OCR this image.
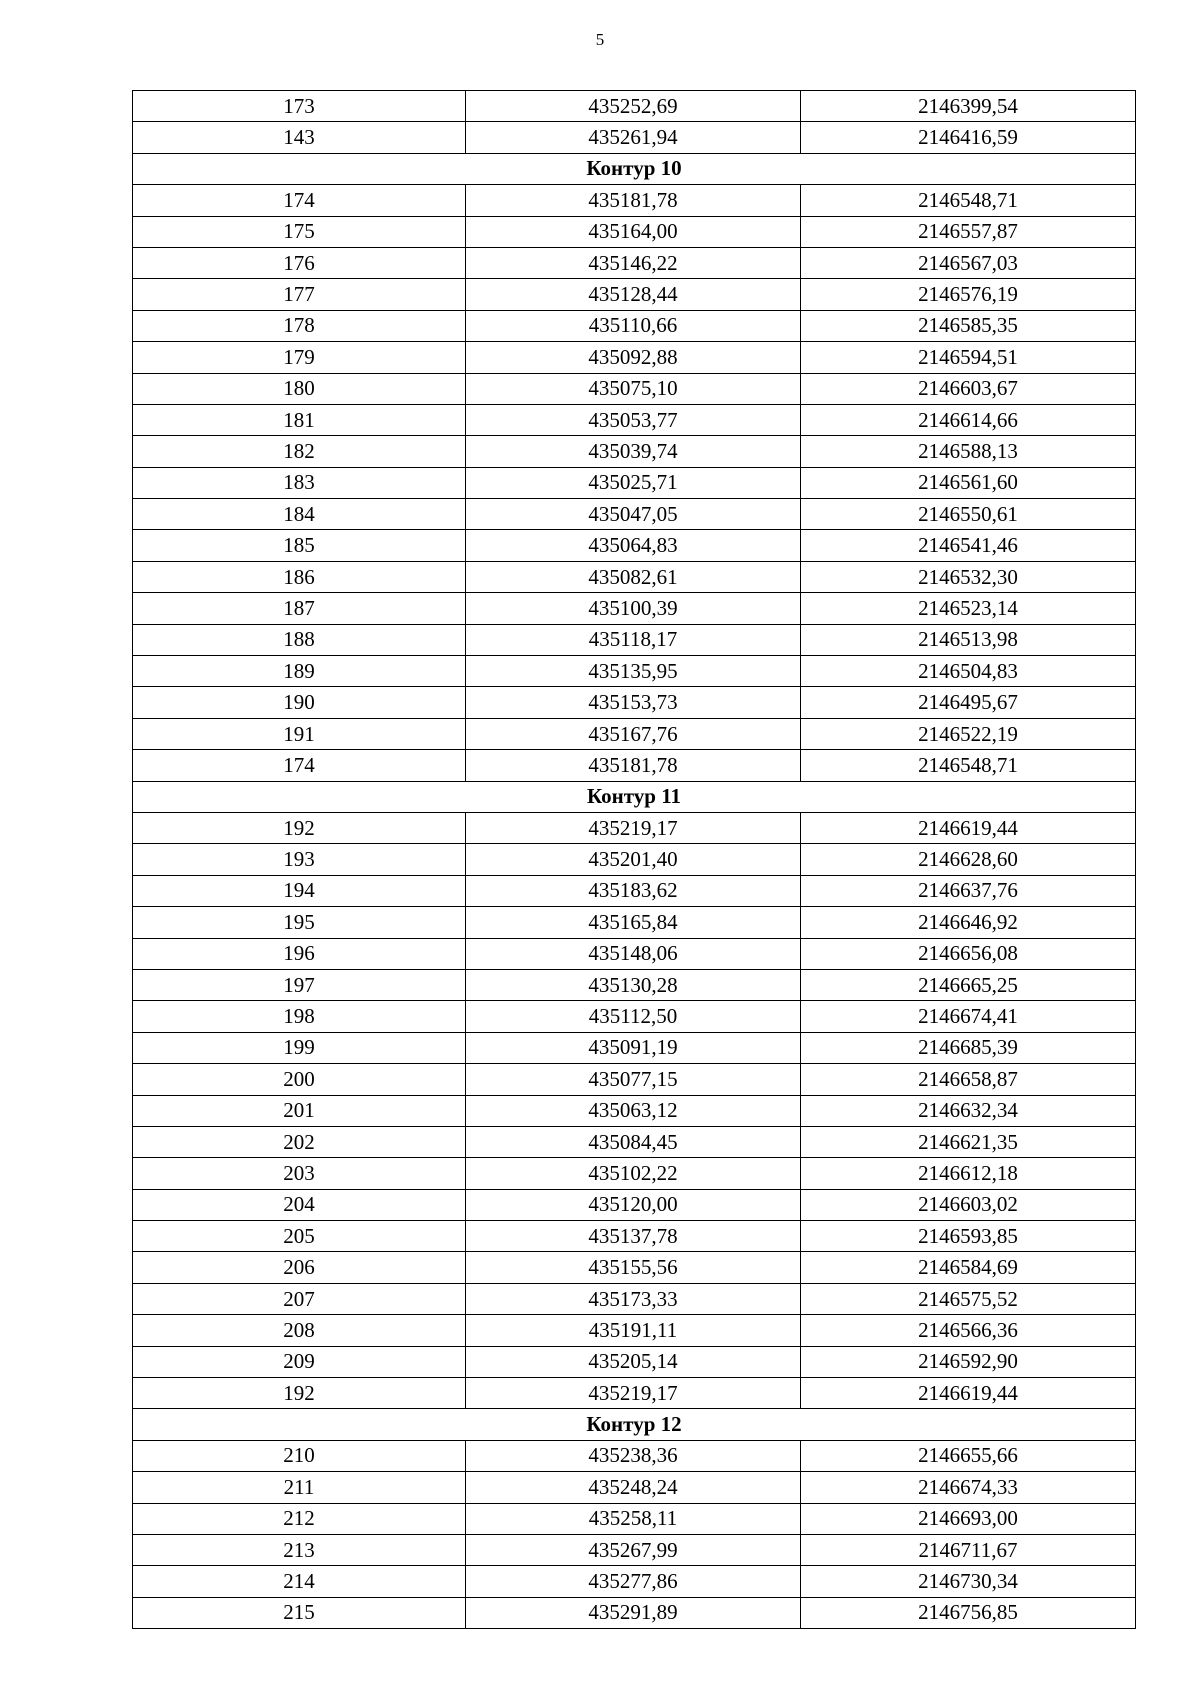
5
173	435252,69	2146399,54
143	435261,94	2146416,59
Контур 10		
174	435181,78	2146548,71
175	435164,00	2146557,87
176	435146,22	2146567,03
177	435128,44	2146576,19
178	435110,66	2146585,35
179	435092,88	2146594,51
180	435075,10	2146603,67
181	435053,77	2146614,66
182	435039,74	2146588,13
183	435025,71	2146561,60
184	435047,05	2146550,61
185	435064,83	2146541,46
186	435082,61	2146532,30
187	435100,39	2146523,14
188	435118,17	2146513,98
189	435135,95	2146504,83
190	435153,73	2146495,67
191	435167,76	2146522,19
174	435181,78	2146548,71
Контур 11		
192	435219,17	2146619,44
193	435201,40	2146628,60
194	435183,62	2146637,76
195	435165,84	2146646,92
196	435148,06	2146656,08
197	435130,28	2146665,25
198	435112,50	2146674,41
199	435091,19	2146685,39
200	435077,15	2146658,87
201	435063,12	2146632,34
202	435084,45	2146621,35
203	435102,22	2146612,18
204	435120,00	2146603,02
205	435137,78	2146593,85
206	435155,56	2146584,69
207	435173,33	2146575,52
208	435191,11	2146566,36
209	435205,14	2146592,90
192	435219,17	2146619,44
Контур 12		
210	435238,36	2146655,66
211	435248,24	2146674,33
212	435258,11	2146693,00
213	435267,99	2146711,67
214	435277,86	2146730,34
215	435291,89	2146756,85
